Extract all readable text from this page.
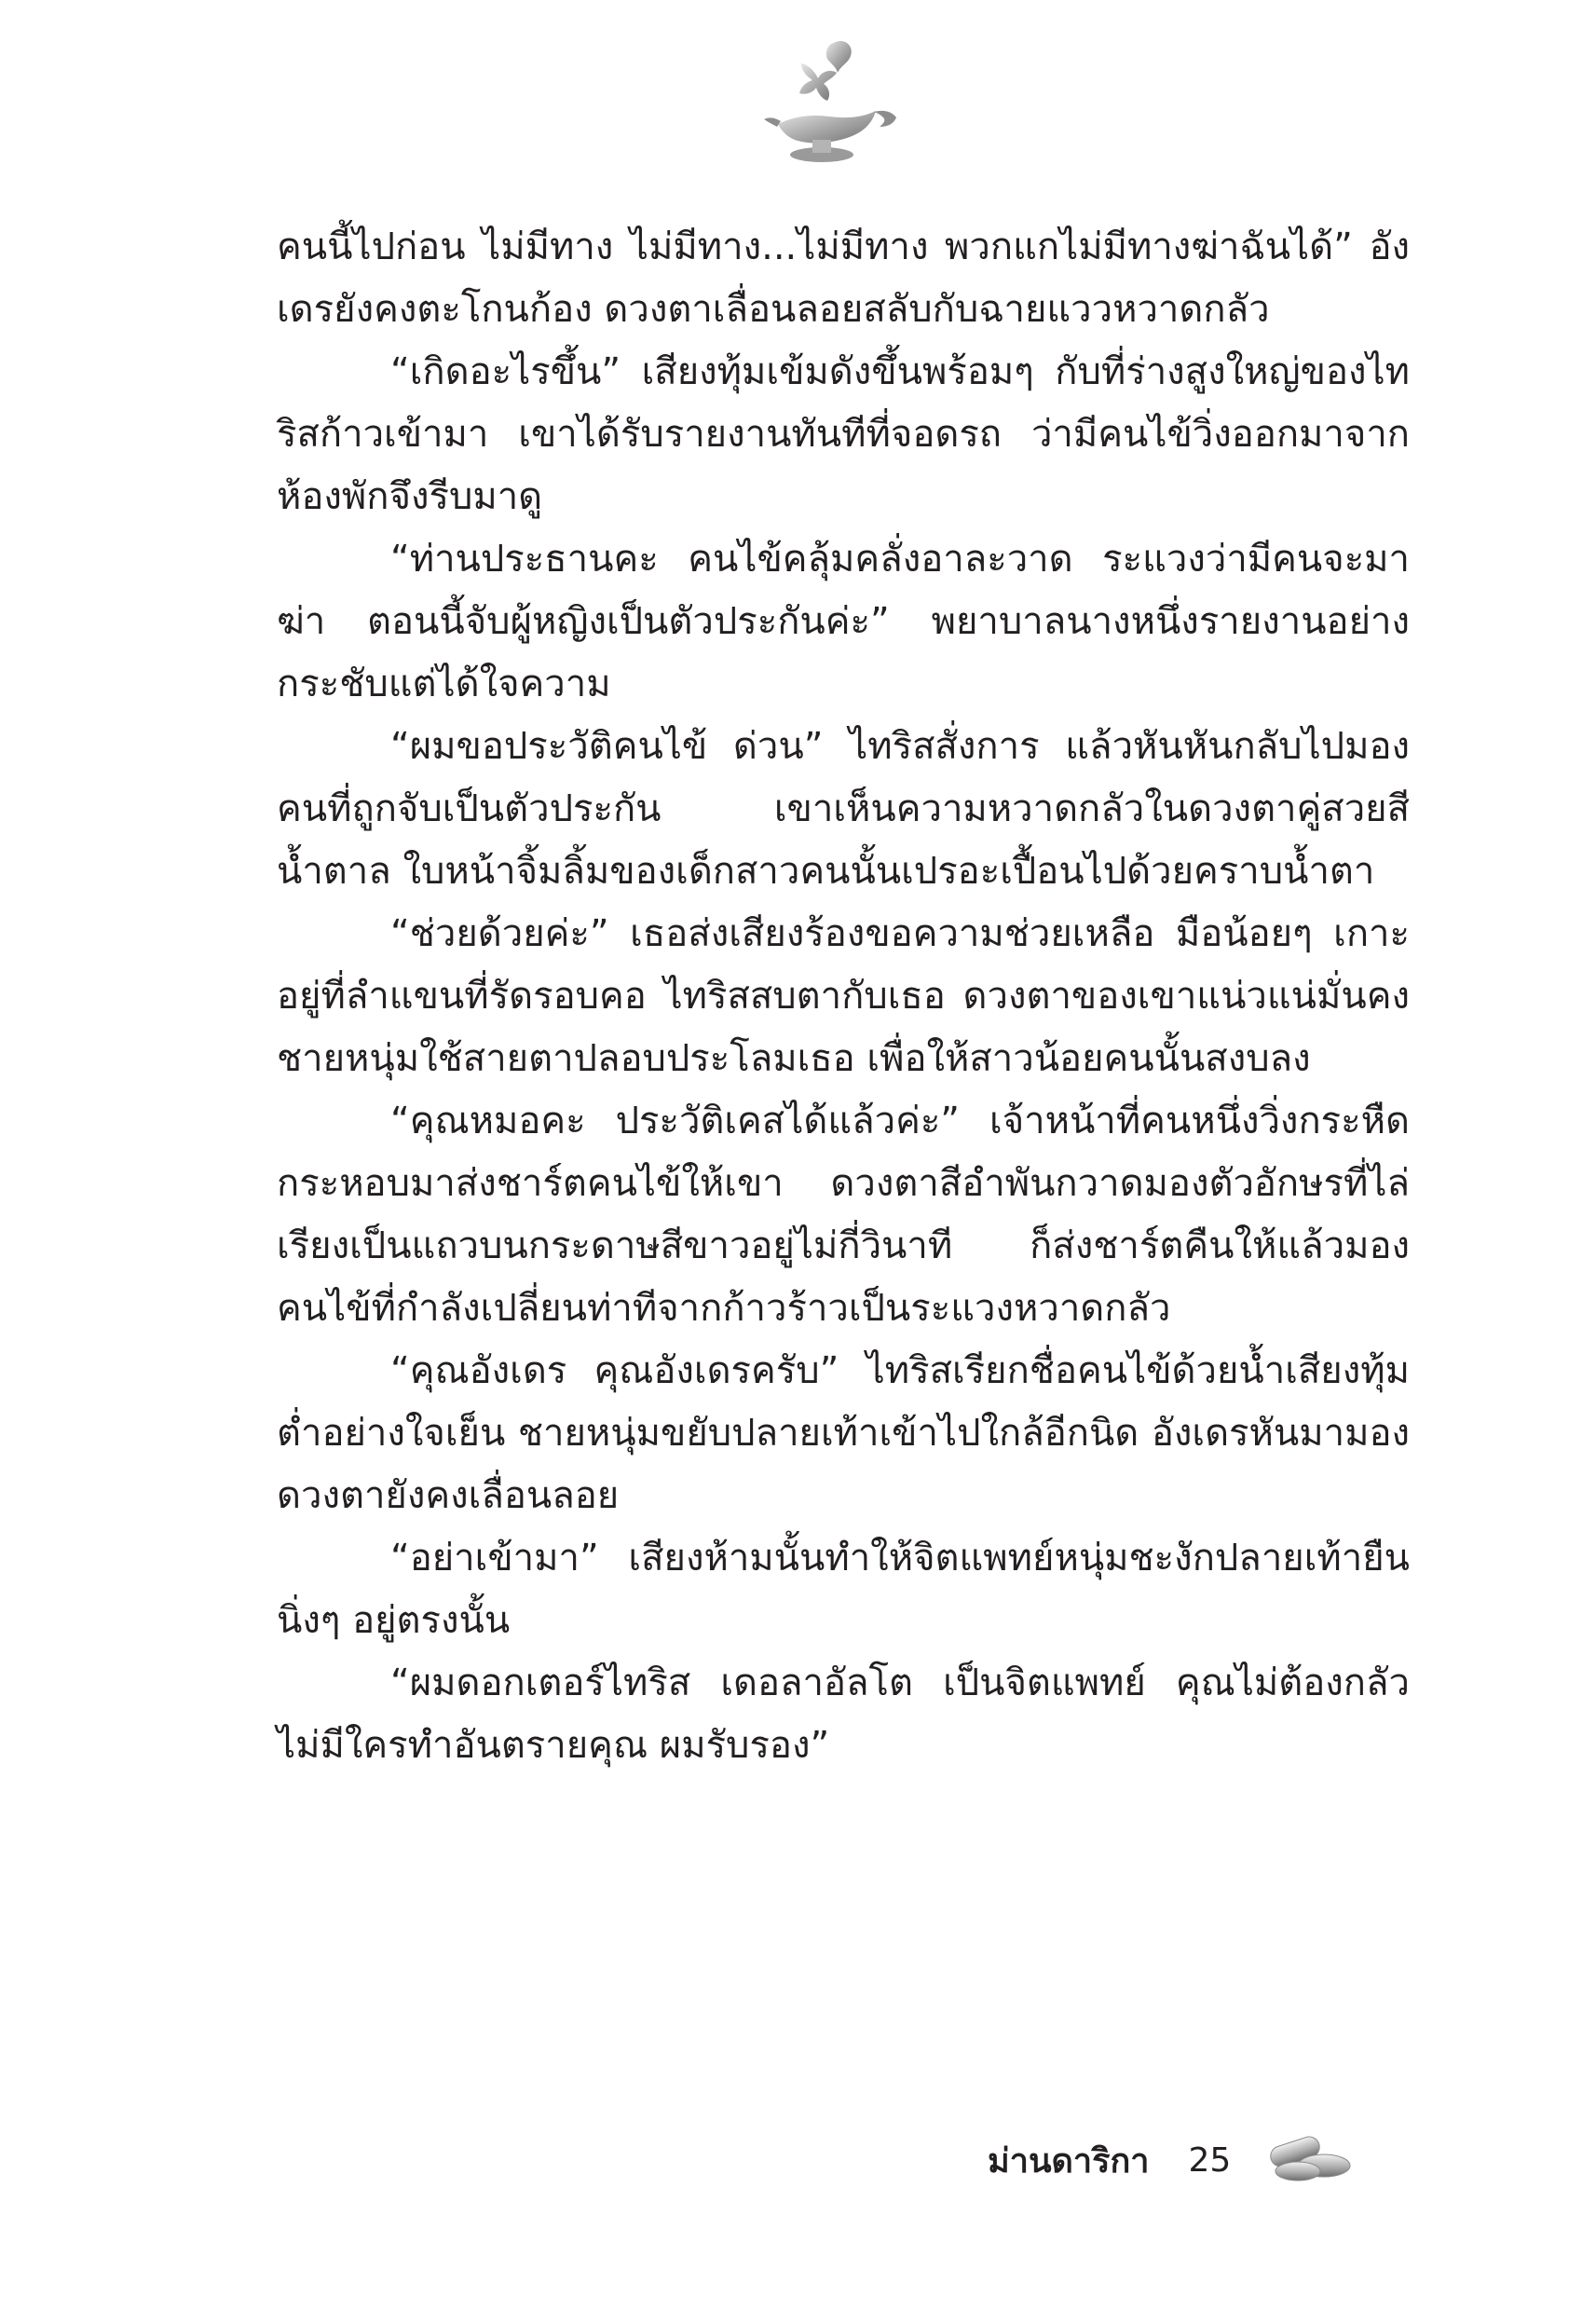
คนนี้ไปก่อน ไม่มีทาง ไม่มีทาง...ไม่มีทาง พวกแกไม่มีทางฆ่าฉันได้” อังเดรยังคงตะโกนก้อง ดวงตาเลื่อนลอยสลับกับฉายแววหวาดกลัว

“เกิดอะไรขึ้น” เสียงทุ้มเข้มดังขึ้นพร้อมๆ กับที่ร่างสูงใหญ่ของไทริสก้าวเข้ามา เขาได้รับรายงานทันทีที่จอดรถ ว่ามีคนไข้วิ่งออกมาจากห้องพักจึงรีบมาดู

“ท่านประธานคะ คนไข้คลุ้มคลั่งอาละวาด ระแวงว่ามีคนจะมาฆ่า ตอนนี้จับผู้หญิงเป็นตัวประกันค่ะ” พยาบาลนางหนึ่งรายงานอย่างกระชับแต่ได้ใจความ

“ผมขอประวัติคนไข้ ด่วน” ไทริสสั่งการ แล้วหันหันกลับไปมองคนที่ถูกจับเป็นตัวประกัน เขาเห็นความหวาดกลัวในดวงตาคู่สวยสีน้ำตาล ใบหน้าจิ้มลิ้มของเด็กสาวคนนั้นเปรอะเปื้อนไปด้วยคราบน้ำตา

“ช่วยด้วยค่ะ” เธอส่งเสียงร้องขอความช่วยเหลือ มือน้อยๆ เกาะอยู่ที่ลำแขนที่รัดรอบคอ ไทริสสบตากับเธอ ดวงตาของเขาแน่วแน่มั่นคง ชายหนุ่มใช้สายตาปลอบประโลมเธอ เพื่อให้สาวน้อยคนนั้นสงบลง

“คุณหมอคะ ประวัติเคสได้แล้วค่ะ” เจ้าหน้าที่คนหนึ่งวิ่งกระหืดกระหอบมาส่งชาร์ตคนไข้ให้เขา ดวงตาสีอำพันกวาดมองตัวอักษรที่ไล่เรียงเป็นแถวบนกระดาษสีขาวอยู่ไม่กี่วินาที ก็ส่งชาร์ตคืนให้แล้วมองคนไข้ที่กำลังเปลี่ยนท่าทีจากก้าวร้าวเป็นระแวงหวาดกลัว

“คุณอังเดร คุณอังเดรครับ” ไทริสเรียกชื่อคนไข้ด้วยน้ำเสียงทุ้มต่ำอย่างใจเย็น ชายหนุ่มขยับปลายเท้าเข้าไปใกล้อีกนิด อังเดรหันมามอง ดวงตายังคงเลื่อนลอย

“อย่าเข้ามา” เสียงห้ามนั้นทำให้จิตแพทย์หนุ่มชะงักปลายเท้ายืนนิ่งๆ อยู่ตรงนั้น

“ผมดอกเตอร์ไทริส เดอลาอัลโต เป็นจิตแพทย์ คุณไม่ต้องกลัวไม่มีใครทำอันตรายคุณ ผมรับรอง”

ม่านดาริกา 25
